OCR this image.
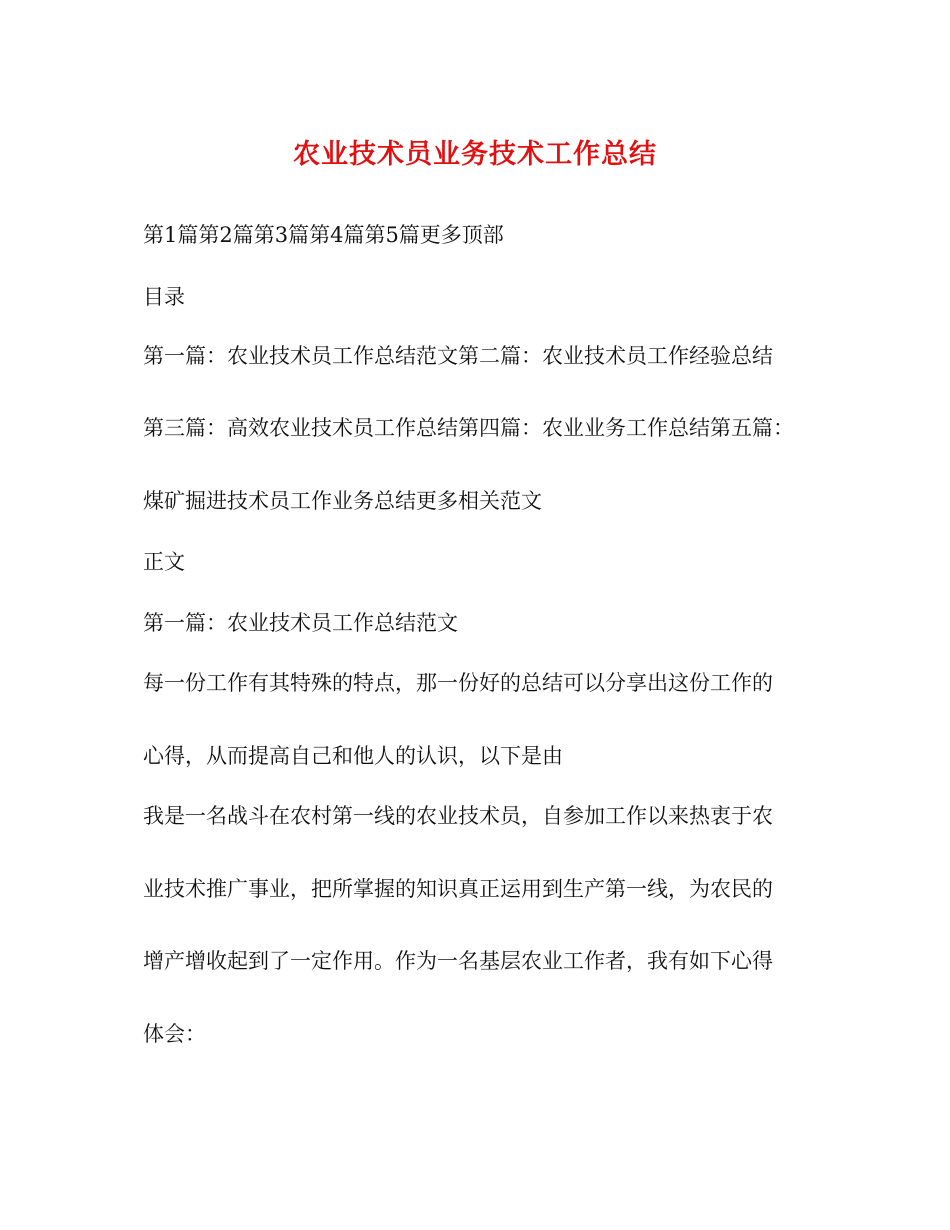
农业技术员业务技术工作总结
第1篇第2篇第3篇第4篇第5篇更多顶部
目录
第一篇：农业技术员工作总结范文第二篇：农业技术员工作经验总结
第三篇：高效农业技术员工作总结第四篇：农业业务工作总结第五篇：
煤矿掘进技术员工作业务总结更多相关范文
正文
第一篇：农业技术员工作总结范文
每一份工作有其特殊的特点，那一份好的总结可以分享出这份工作的
心得，从而提高自己和他人的认识，以下是由
我是一名战斗在农村第一线的农业技术员，自参加工作以来热衷于农
业技术推广事业，把所掌握的知识真正运用到生产第一线，为农民的
增产增收起到了一定作用。作为一名基层农业工作者，我有如下心得
体会：
